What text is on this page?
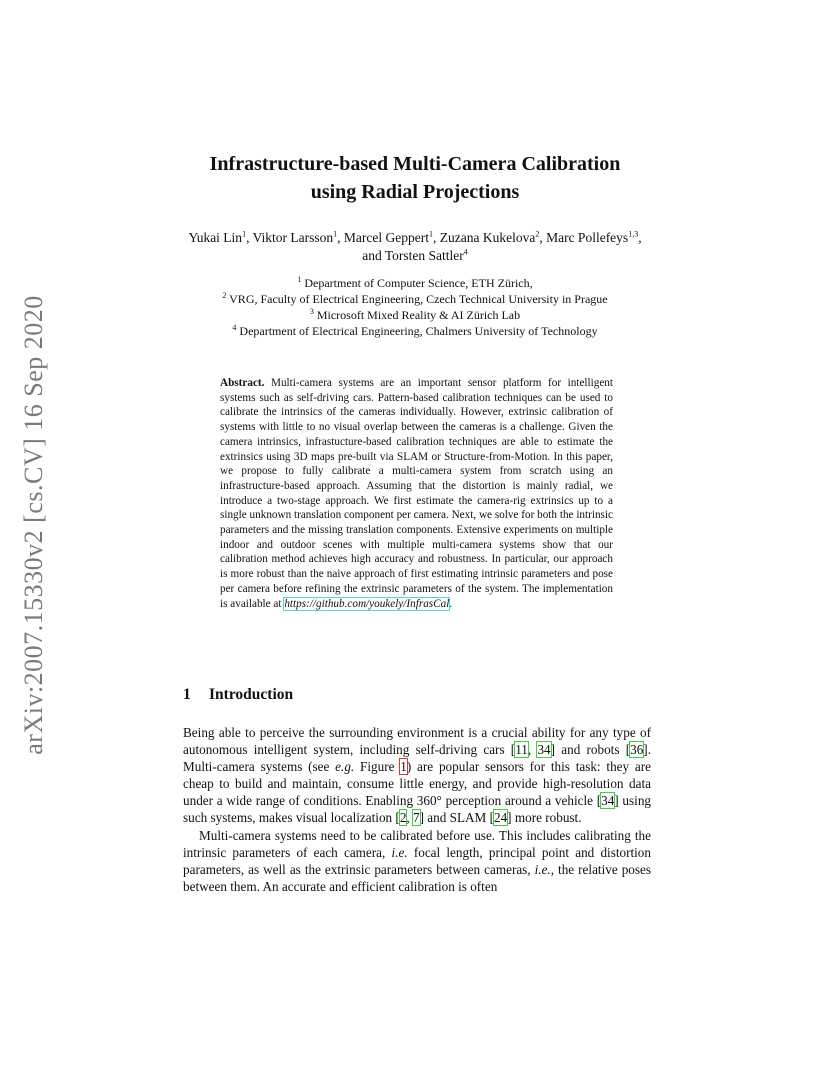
arXiv:2007.15330v2 [cs.CV] 16 Sep 2020
Infrastructure-based Multi-Camera Calibration
using Radial Projections
Yukai Lin$^1$, Viktor Larsson$^1$, Marcel Geppert$^1$, Zuzana Kukelova$^2$, Marc Pollefeys$^{1,3}$, and Torsten Sattler$^4$
$^1$ Department of Computer Science, ETH Zürich,
$^2$ VRG, Faculty of Electrical Engineering, Czech Technical University in Prague
$^3$ Microsoft Mixed Reality & AI Zürich Lab
$^4$ Department of Electrical Engineering, Chalmers University of Technology
Abstract. Multi-camera systems are an important sensor platform for intelligent systems such as self-driving cars. Pattern-based calibration techniques can be used to calibrate the intrinsics of the cameras individually. However, extrinsic calibration of systems with little to no visual overlap between the cameras is a challenge. Given the camera intrinsics, infrastucture-based calibration techniques are able to estimate the extrinsics using 3D maps pre-built via SLAM or Structure-from-Motion. In this paper, we propose to fully calibrate a multi-camera system from scratch using an infrastructure-based approach. Assuming that the distortion is mainly radial, we introduce a two-stage approach. We first estimate the camera-rig extrinsics up to a single unknown translation component per camera. Next, we solve for both the intrinsic parameters and the missing translation components. Extensive experiments on multiple indoor and outdoor scenes with multiple multi-camera systems show that our calibration method achieves high accuracy and robustness. In particular, our approach is more robust than the naive approach of first estimating intrinsic parameters and pose per camera before refining the extrinsic parameters of the system. The implementation is available at https://github.com/youkely/InfrasCal.
1 Introduction

Being able to perceive the surrounding environment is a crucial ability for any type of autonomous intelligent system, including self-driving cars [11, 34] and robots [36]. Multi-camera systems (see e.g. Figure 1) are popular sensors for this task: they are cheap to build and maintain, consume little energy, and provide high-resolution data under a wide range of conditions. Enabling 360° perception around a vehicle [34] using such systems, makes visual localization [2, 7] and SLAM [24] more robust.

Multi-camera systems need to be calibrated before use. This includes calibrating the intrinsic parameters of each camera, i.e. focal length, principal point and distortion parameters, as well as the extrinsic parameters between cameras, i.e., the relative poses between them. An accurate and efficient calibration is often
